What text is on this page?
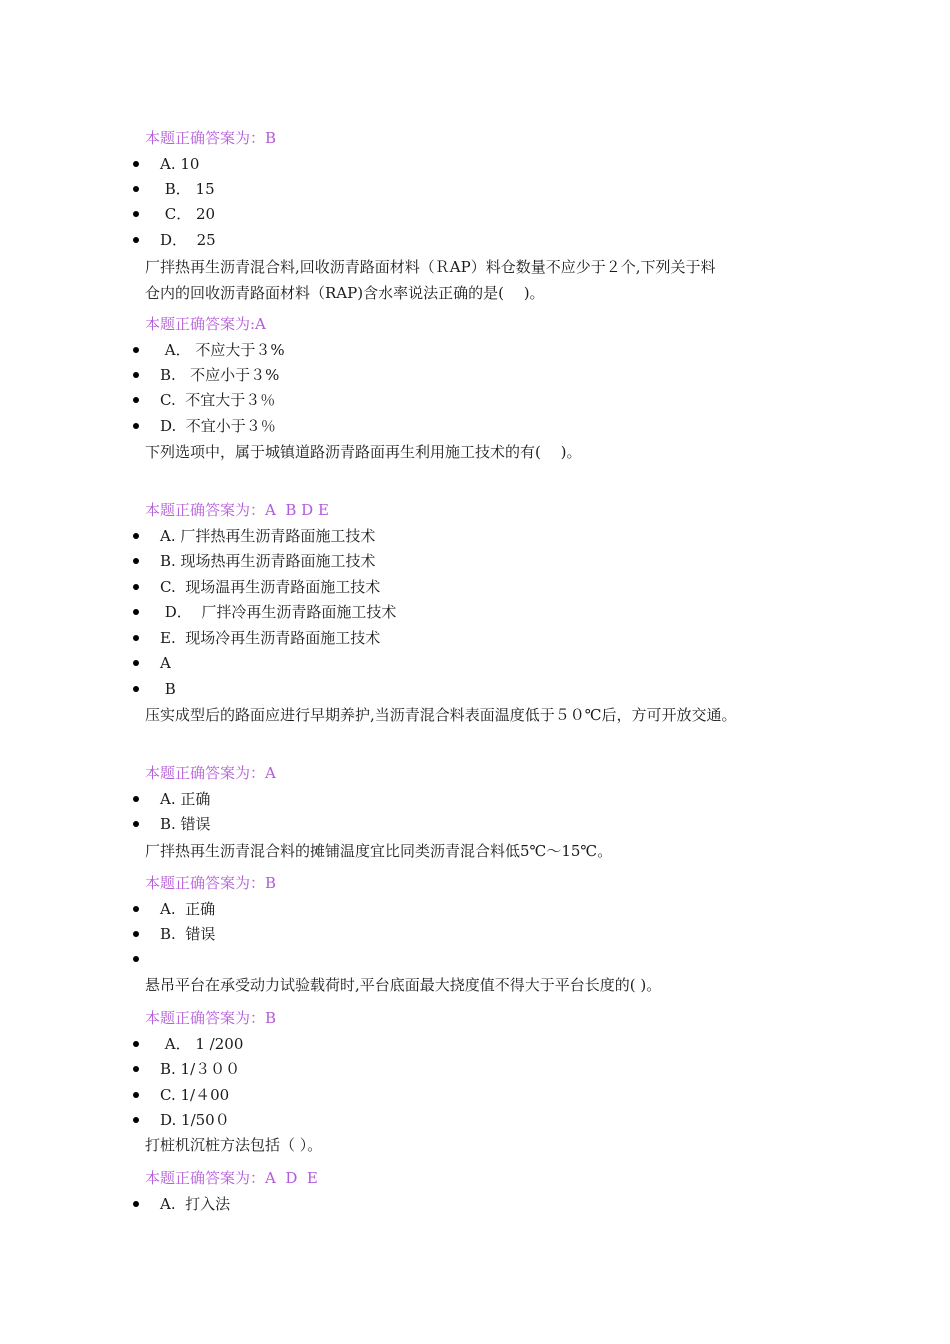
本题正确答案为：B
A. 10
B． 15
C． 20
D．  25
厂拌热再生沥青混合料,回收沥青路面材料（ＲAP）料仓数量不应少于２个,下列关于料
仓内的回收沥青路面材料（RAP)含水率说法正确的是(　 )。
本题正确答案为:A
A． 不应大于３%
B.   不应小于３%
C.  不宜大于３％
D.  不宜小于３％
下列选项中，属于城镇道路沥青路面再生利用施工技术的有(　 )。
本题正确答案为：A  B D E
A. 厂拌热再生沥青路面施工技术
B. 现场热再生沥青路面施工技术
C.  现场温再生沥青路面施工技术
D．  厂拌冷再生沥青路面施工技术
E.  现场冷再生沥青路面施工技术
A
B
压实成型后的路面应进行早期养护,当沥青混合料表面温度低于５０℃后，方可开放交通。
本题正确答案为：A
A. 正确
B. 错误
厂拌热再生沥青混合料的摊铺温度宜比同类沥青混合料低5℃～15℃。
本题正确答案为：B
A.  正确
B.  错误
悬吊平台在承受动力试验载荷时,平台底面最大挠度值不得大于平台长度的( )。
本题正确答案为：B
A． 1 /200
B. 1/３００
C. 1/４00
D. 1/50０
打桩机沉桩方法包括（ ）。
本题正确答案为：A  D  E
A.  打入法
